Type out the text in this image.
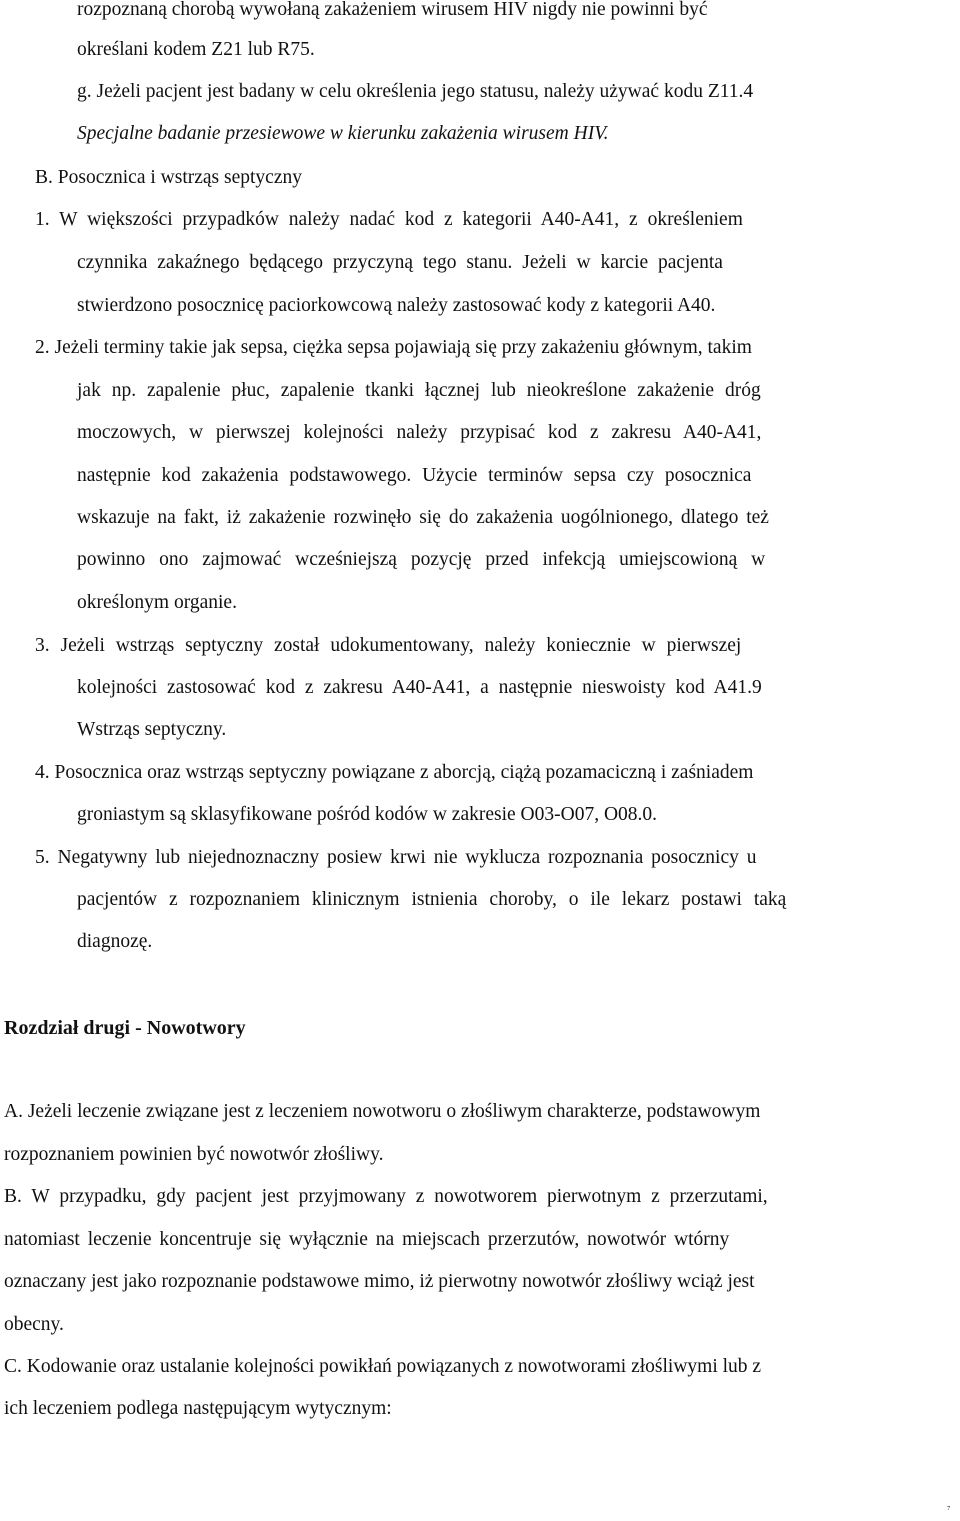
rozpoznaną chorobą wywołaną zakażeniem wirusem HIV nigdy nie powinni być
określani kodem Z21 lub R75.
g. Jeżeli pacjent jest badany w celu określenia jego statusu, należy używać kodu Z11.4
Specjalne badanie przesiewowe w kierunku zakażenia wirusem HIV.
B. Posocznica i wstrząs septyczny
1. W większości przypadków należy nadać kod z kategorii A40-A41, z określeniem
czynnika zakaźnego będącego przyczyną tego stanu. Jeżeli w karcie pacjenta
stwierdzono posocznicę paciorkowcową należy zastosować kody z kategorii A40.
2. Jeżeli terminy takie jak sepsa, ciężka sepsa pojawiają się przy zakażeniu głównym, takim
jak np. zapalenie płuc, zapalenie tkanki łącznej lub nieokreślone zakażenie dróg
moczowych, w pierwszej kolejności należy przypisać kod z zakresu A40-A41,
następnie kod zakażenia podstawowego. Użycie terminów sepsa czy posocznica
wskazuje na fakt, iż zakażenie rozwinęło się do zakażenia uogólnionego, dlatego też
powinno ono zajmować wcześniejszą pozycję przed infekcją umiejscowioną w
określonym organie.
3. Jeżeli wstrząs septyczny został udokumentowany, należy koniecznie w pierwszej
kolejności zastosować kod z zakresu A40-A41, a następnie nieswoisty kod A41.9
Wstrząs septyczny.
4. Posocznica oraz wstrząs septyczny powiązane z aborcją, ciążą pozamaciczną i zaśniadem
groniastym są sklasyfikowane pośród kodów w zakresie O03-O07, O08.0.
5. Negatywny lub niejednoznaczny posiew krwi nie wyklucza rozpoznania posocznicy u
pacjentów z rozpoznaniem klinicznym istnienia choroby, o ile lekarz postawi taką
diagnozę.
Rozdział drugi - Nowotwory
A. Jeżeli leczenie związane jest z leczeniem nowotworu o złośliwym charakterze, podstawowym
rozpoznaniem powinien być nowotwór złośliwy.
B. W przypadku, gdy pacjent jest przyjmowany z nowotworem pierwotnym z przerzutami,
natomiast leczenie koncentruje się wyłącznie na miejscach przerzutów, nowotwór wtórny
oznaczany jest jako rozpoznanie podstawowe mimo, iż pierwotny nowotwór złośliwy wciąż jest
obecny.
C. Kodowanie oraz ustalanie kolejności powikłań powiązanych z nowotworami złośliwymi lub z
ich leczeniem podlega następującym wytycznym:
7
